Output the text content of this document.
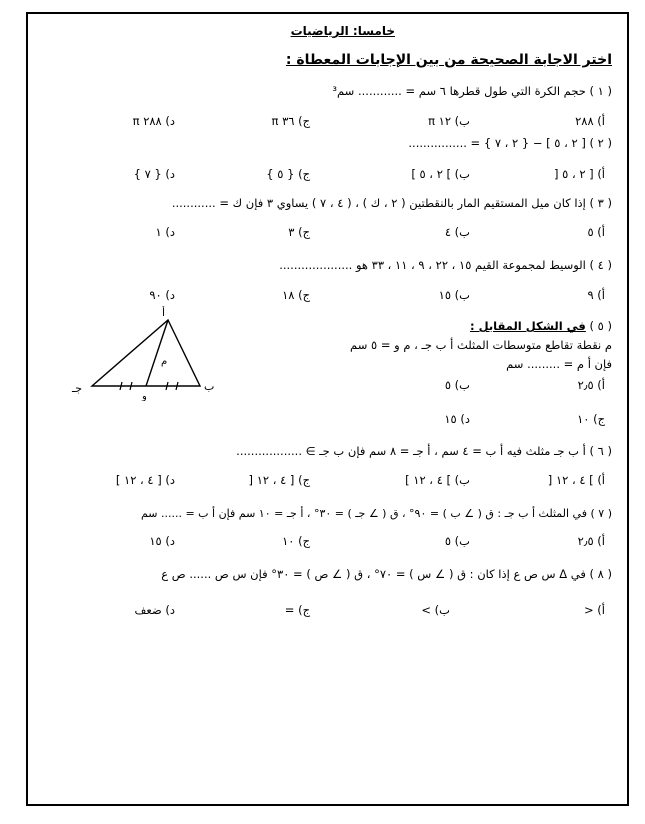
خامسا: الرياضيات
اختر الاجابة الصحيحة من بين الإجابات المعطاة :
( ١ ) حجم الكرة التي طول قطرها ٦ سم = ............ سم³
أ) ٢٨٨
ب) ١٢ π
ج) ٣٦ π
د) ٢٨٨ π
( ٢ ) [ ٢ ، ٥ ] − { ٢ ، ٧ } = ................
أ) [ ٢ ، ٥ [
ب) ] ٢ ، ٥ ]
ج) { ٥ }
د) { ٧ }
( ٣ ) إذا كان ميل المستقيم المار بالنقطتين ( ٢ ، ك ) ، ( ٤ ، ٧ ) يساوي ٣ فإن ك = ............
أ) ٥
ب) ٤
ج) ٣
د) ١
( ٤ ) الوسيط لمجموعة القيم ١٥ ، ٢٢ ، ٩ ، ١١ ، ٣٣ هو ....................
أ) ٩
ب) ١٥
ج) ١٨
د) ٩٠
( ٥ ) في الشكل المقابل :
م نقطة تقاطع متوسطات المثلث أ ب جـ ، م و = ٥ سم
فإن أ م = ......... سم
أ) ٢٫٥
ب) ٥
ج) ١٠
د) ١٥
أ
ب
جـ
م
و
( ٦ ) أ ب جـ مثلث فيه أ ب = ٤ سم ، أ جـ = ٨ سم فإن ب جـ ∋ ..................
أ) ] ٤ ، ١٢ [
ب) ] ٤ ، ١٢ ]
ج) [ ٤ ، ١٢ [
د) [ ٤ ، ١٢ ]
( ٧ ) في المثلث أ ب جـ : ق ( ∠ ب ) = ٩٠° ، ق ( ∠ جـ ) = ٣٠° ، أ جـ = ١٠ سم فإن أ ب = ...... سم
أ) ٢٫٥
ب) ٥
ج) ١٠
د) ١٥
( ٨ ) في Δ س ص ع إذا كان : ق ( ∠ س ) = ٧٠° ، ق ( ∠ ص ) = ٣٠° فإن س ص ...... ص ع
أ) <
ب) >
ج) =
د) ضعف
